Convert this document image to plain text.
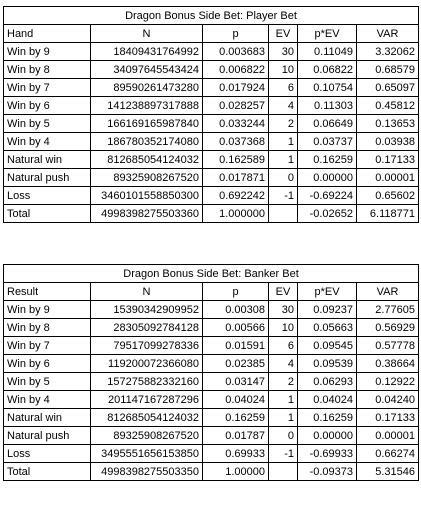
Dragon Bonus Side Bet: Player Bet					
Hand	N	p	EV	p*EV	VAR
Win by 9	18409431764992	0.003683	30	0.11049	3.32062
Win by 8	34097645543424	0.006822	10	0.06822	0.68579
Win by 7	89590261473280	0.017924	6	0.10754	0.65097
Win by 6	141238897317888	0.028257	4	0.11303	0.45812
Win by 5	166169165987840	0.033244	2	0.06649	0.13653
Win by 4	186780352174080	0.037368	1	0.03737	0.03938
Natural win	812685054124032	0.162589	1	0.16259	0.17133
Natural push	89325908267520	0.017871	0	0.00000	0.00001
Loss	3460101558850300	0.692242	-1	-0.69224	0.65602
Total	4998398275503360	1.000000		-0.02652	6.118771
Dragon Bonus Side Bet: Banker Bet					
Result	N	p	EV	p*EV	VAR
Win by 9	15390342909952	0.00308	30	0.09237	2.77605
Win by 8	28305092784128	0.00566	10	0.05663	0.56929
Win by 7	79517099278336	0.01591	6	0.09545	0.57778
Win by 6	119200072366080	0.02385	4	0.09539	0.38664
Win by 5	157275882332160	0.03147	2	0.06293	0.12922
Win by 4	201147167287296	0.04024	1	0.04024	0.04240
Natural win	812685054124032	0.16259	1	0.16259	0.17133
Natural push	89325908267520	0.01787	0	0.00000	0.00001
Loss	3495551656153850	0.69933	-1	-0.69933	0.66274
Total	4998398275503350	1.00000		-0.09373	5.31546
